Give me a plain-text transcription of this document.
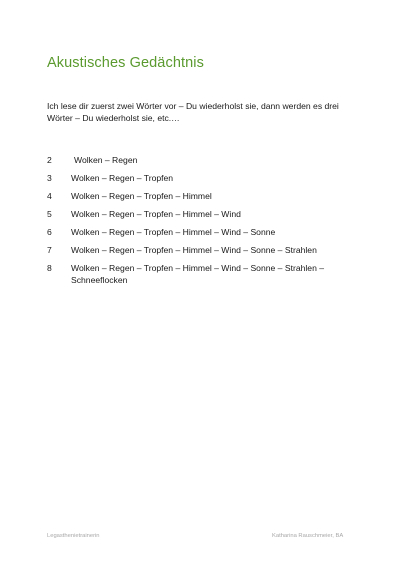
Akustisches Gedächtnis

Ich lese dir zuerst zwei Wörter vor – Du wiederholst sie, dann werden es drei Wörter – Du wiederholst sie, etc.…

2	Wolken – Regen
3	Wolken – Regen – Tropfen
4	Wolken – Regen – Tropfen – Himmel
5	Wolken – Regen – Tropfen – Himmel – Wind
6	Wolken – Regen – Tropfen – Himmel – Wind – Sonne
7	Wolken – Regen – Tropfen – Himmel – Wind – Sonne – Strahlen
8	Wolken – Regen – Tropfen – Himmel – Wind – Sonne – Strahlen – Schneeflocken
Legasthenietrainerin	Katharina Rauschmeier, BA
